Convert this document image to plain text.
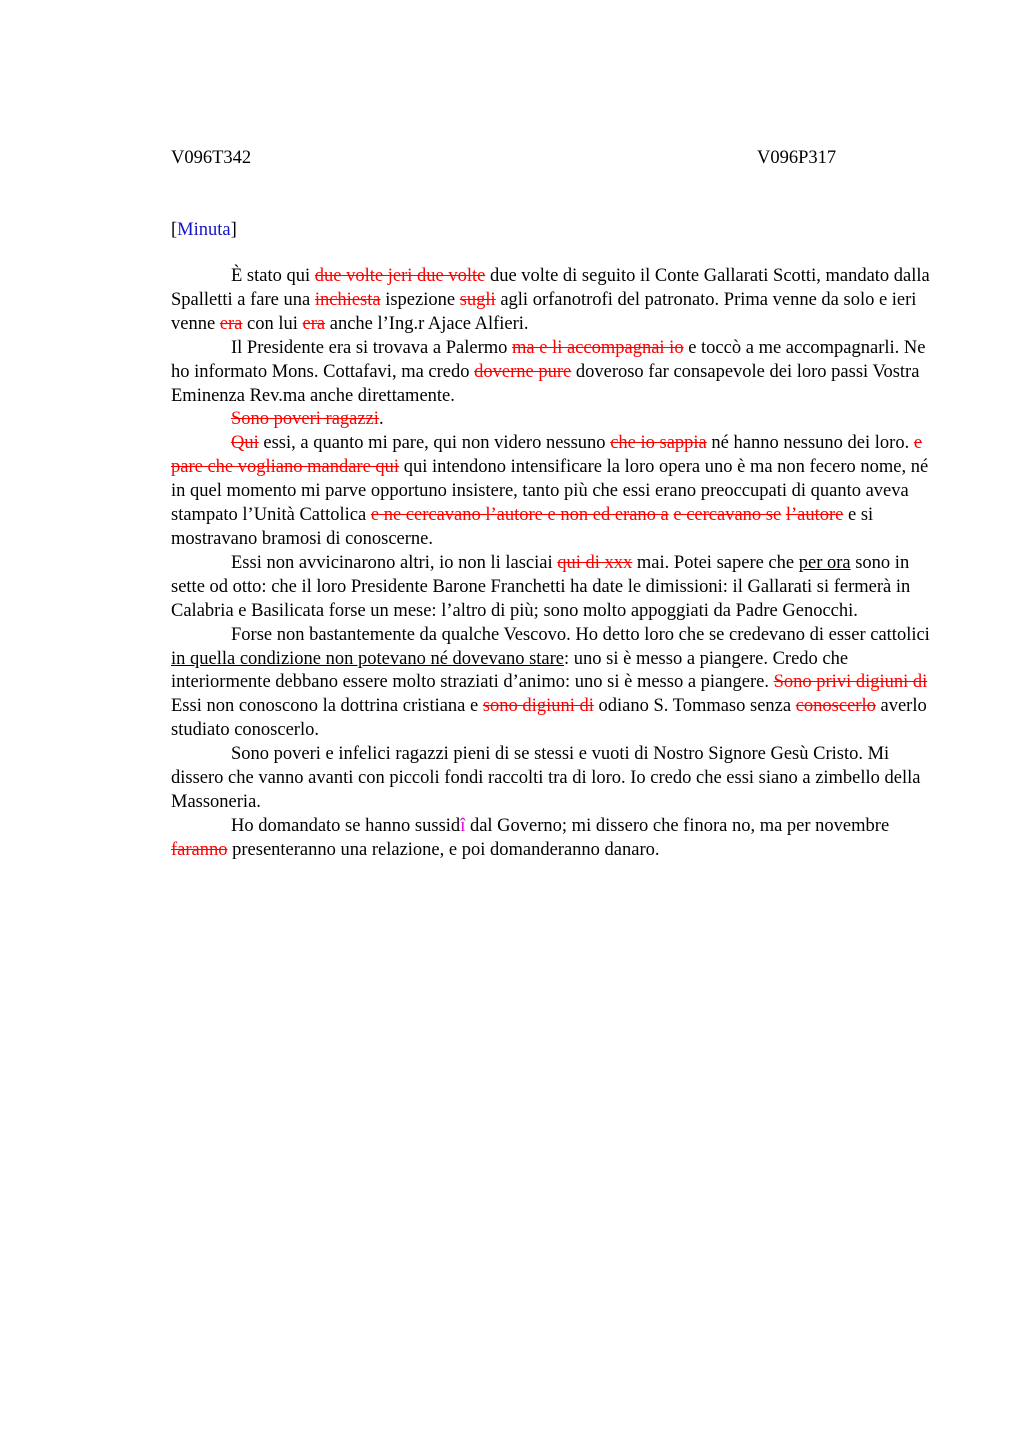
V096T342	V096P317
[Minuta]

È stato qui due volte jeri due volte due volte di seguito il Conte Gallarati Scotti, mandato dalla Spalletti a fare una inchiesta ispezione sugli agli orfanotrofi del patronato. Prima venne da solo e ieri venne era con lui era anche l’Ing.r Ajace Alfieri.

Il Presidente era si trovava a Palermo ma e li accompagnai io e toccò a me accompagnarli. Ne ho informato Mons. Cottafavi, ma credo doverne pure doveroso far consapevole dei loro passi Vostra Eminenza Rev.ma anche direttamente.

Sono poveri ragazzi.

Qui essi, a quanto mi pare, qui non videro nessuno che io sappia né hanno nessuno dei loro. e pare che vogliano mandare qui qui intendono intensificare la loro opera uno è ma non fecero nome, né in quel momento mi parve opportuno insistere, tanto più che essi erano preoccupati di quanto aveva stampato l’Unità Cattolica e ne cercavano l’autore e non ed erano a e cercavano se l’autore e si mostravano bramosi di conoscerne.

Essi non avvicinarono altri, io non li lasciai qui di xxx mai. Potei sapere che per ora sono in sette od otto: che il loro Presidente Barone Franchetti ha date le dimissioni: il Gallarati si fermerà in Calabria e Basilicata forse un mese: l’altro di più; sono molto appoggiati da Padre Genocchi.

Forse non bastantemente da qualche Vescovo. Ho detto loro che se credevano di esser cattolici in quella condizione non potevano né dovevano stare: uno si è messo a piangere. Credo che interiormente debbano essere molto straziati d’animo: uno si è messo a piangere. Sono privi digiuni di Essi non conoscono la dottrina cristiana e sono digiuni di odiano S. Tommaso senza conoscerlo averlo studiato conoscerlo.

Sono poveri e infelici ragazzi pieni di se stessi e vuoti di Nostro Signore Gesù Cristo. Mi dissero che vanno avanti con piccoli fondi raccolti tra di loro. Io credo che essi siano a zimbello della Massoneria.

Ho domandato se hanno sussidî dal Governo; mi dissero che finora no, ma per novembre faranno presenteranno una relazione, e poi domanderanno danaro.
